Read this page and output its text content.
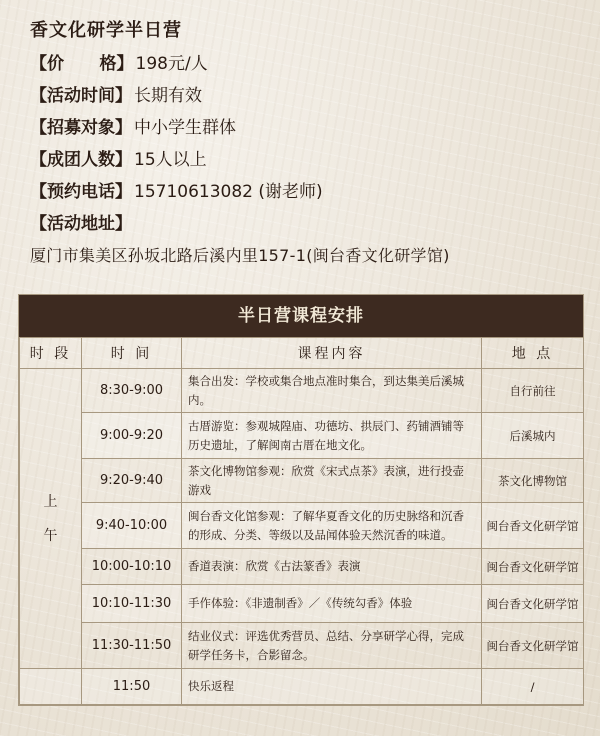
香文化研学半日营
【价      格】 198元/人
【活动时间】 长期有效
【招募对象】 中小学生群体
【成团人数】 15人以上
【预约电话】 15710613082 (谢老师)
【活动地址】
厦门市集美区孙坂北路后溪内里157-1(闽台香文化研学馆)
半日营课程安排
时 段	时 间	课程内容	地 点

上
午	8:30-9:00	集合出发：学校或集合地点准时集合，到达集美后溪城内。	自行前往
	9:00-9:20	古厝游览：参观城隍庙、功德坊、拱辰门、药铺酒铺等历史遗址，了解闽南古厝在地文化。	后溪城内
	9:20-9:40	茶文化博物馆参观：欣赏《宋式点茶》表演，进行投壶游戏	茶文化博物馆
	9:40-10:00	闽台香文化馆参观：了解华夏香文化的历史脉络和沉香的形成、分类、等级以及品闻体验天然沉香的味道。	闽台香文化研学馆
	10:00-10:10	香道表演：欣赏《古法篆香》表演	闽台香文化研学馆
	10:10-11:30	手作体验：《非遗制香》／《传统勾香》体验	闽台香文化研学馆
	11:30-11:50	结业仪式：评选优秀营员、总结、分享研学心得，完成研学任务卡，合影留念。	闽台香文化研学馆
	11:50	快乐返程	/
